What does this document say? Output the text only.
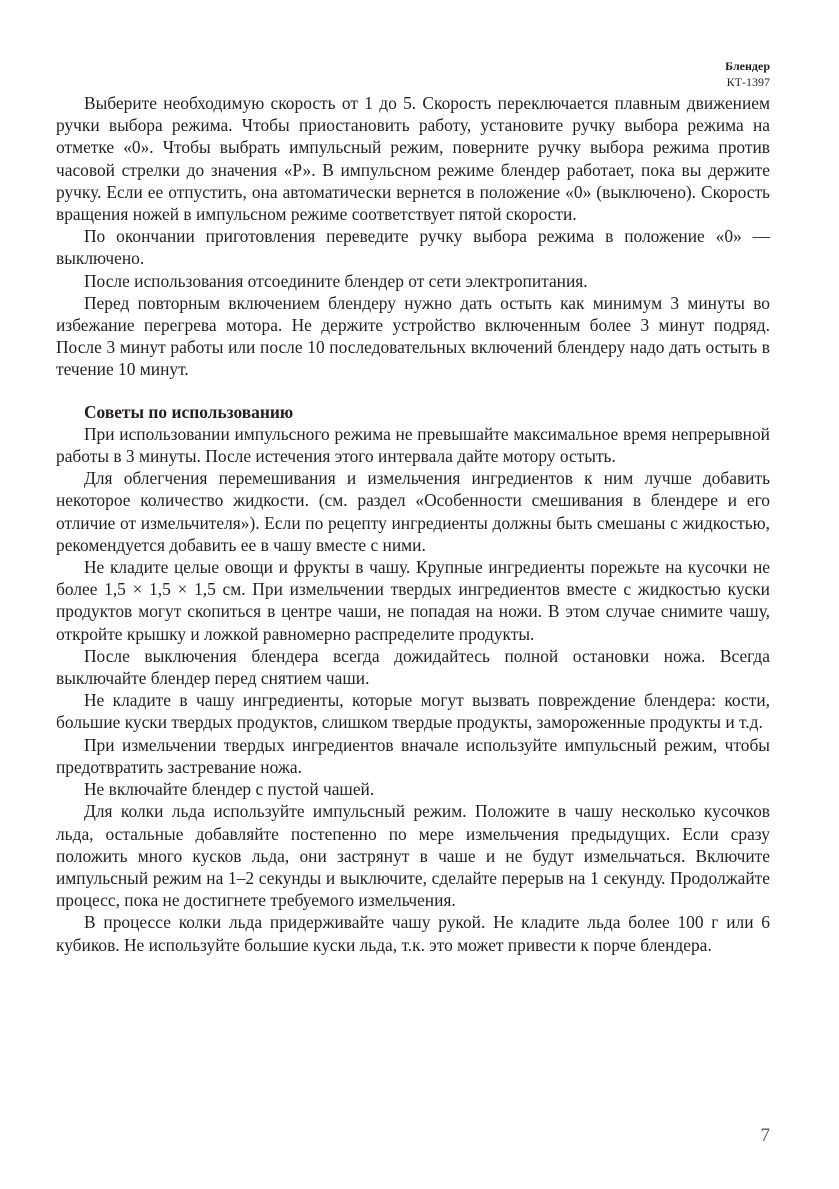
Блендер
КТ-1397

Выберите необходимую скорость от 1 до 5. Скорость переключается плавным движением ручки выбора режима. Чтобы приостановить работу, установите ручку выбора режима на отметке «0». Чтобы выбрать импульсный режим, поверните ручку выбора режима против часовой стрелки до значения «Р». В импульсном режиме блендер работает, пока вы держите ручку. Если ее отпустить, она автоматически вернется в положение «0» (выключено). Скорость вращения ножей в импульсном режиме соответствует пятой скорости.

По окончании приготовления переведите ручку выбора режима в положение «0» — выключено.

После использования отсоедините блендер от сети электропитания.

Перед повторным включением блендеру нужно дать остыть как минимум 3 минуты во избежание перегрева мотора. Не держите устройство включенным более 3 минут подряд. После 3 минут работы или после 10 последовательных включений блендеру надо дать остыть в течение 10 минут.

Советы по использованию

При использовании импульсного режима не превышайте максимальное время непрерывной работы в 3 минуты. После истечения этого интервала дайте мотору остыть.

Для облегчения перемешивания и измельчения ингредиентов к ним лучше добавить некоторое количество жидкости. (см. раздел «Особенности смешивания в блендере и его отличие от измельчителя»). Если по рецепту ингредиенты должны быть смешаны с жидкостью, рекомендуется добавить ее в чашу вместе с ними.

Не кладите целые овощи и фрукты в чашу. Крупные ингредиенты порежьте на кусочки не более 1,5 × 1,5 × 1,5 см. При измельчении твердых ингредиентов вместе с жидкостью куски продуктов могут скопиться в центре чаши, не попадая на ножи. В этом случае снимите чашу, откройте крышку и ложкой равномерно распределите продукты.

После выключения блендера всегда дожидайтесь полной остановки ножа. Всегда выключайте блендер перед снятием чаши.

Не кладите в чашу ингредиенты, которые могут вызвать повреждение блендера: кости, большие куски твердых продуктов, слишком твердые продукты, замороженные продукты и т.д.

При измельчении твердых ингредиентов вначале используйте импульсный режим, чтобы предотвратить застревание ножа.

Не включайте блендер с пустой чашей.

Для колки льда используйте импульсный режим. Положите в чашу несколько кусочков льда, остальные добавляйте постепенно по мере измельчения предыдущих. Если сразу положить много кусков льда, они застрянут в чаше и не будут измельчаться. Включите импульсный режим на 1–2 секунды и выключите, сделайте перерыв на 1 секунду. Продолжайте процесс, пока не достигнете требуемого измельчения.

В процессе колки льда придерживайте чашу рукой. Не кладите льда более 100 г или 6 кубиков. Не используйте большие куски льда, т.к. это может привести к порче блендера.

7
